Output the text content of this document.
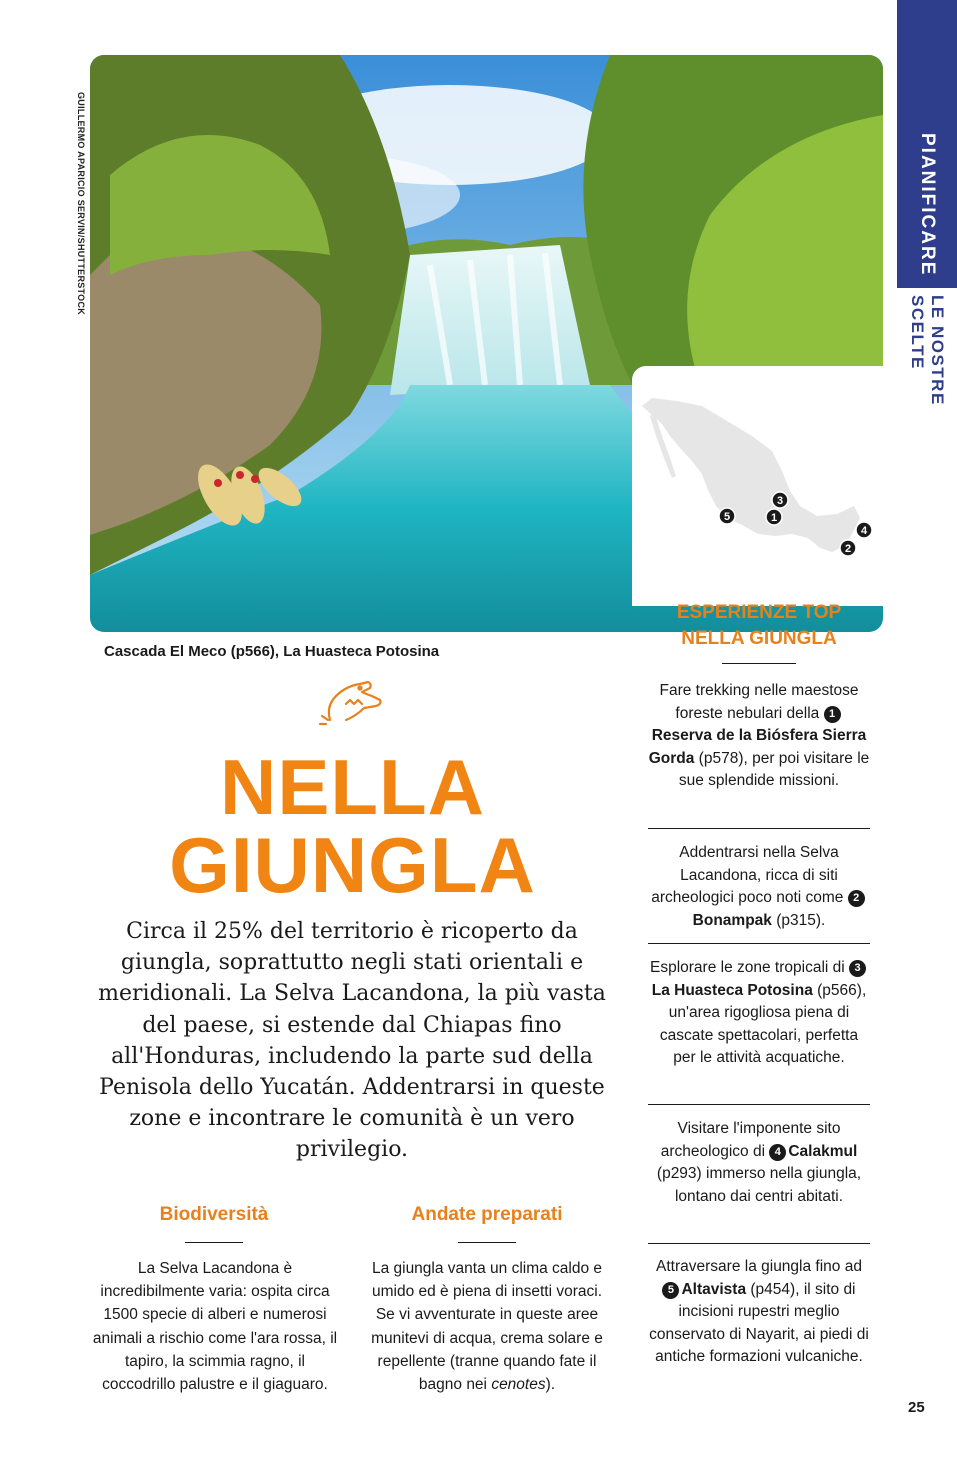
PIANIFICARE
LE NOSTRE SCELTE
GUILLERMO APARICIO SERVIN/SHUTTERSTOCK
Cascada El Meco (p566), La Huasteca Potosina
5	1
3
4
2
ESPERIENZE TOP
NELLA GIUNGLA
Fare trekking nelle maestose foreste nebulari della 1Reserva de la Biósfera Sierra Gorda (p578), per poi visitare le sue splendide missioni.
Addentrarsi nella Selva Lacandona, ricca di siti archeologici poco noti come 2Bonampak (p315).
Esplorare le zone tropicali di 3La Huasteca Potosina (p566), un'area rigogliosa piena di cascate spettacolari, perfetta per le attività acquatiche.
Visitare l'imponente sito archeologico di 4 Calakmul (p293) immerso nella giungla, lontano dai centri abitati.
Attraversare la giungla fino ad 5 Altavista (p454), il sito di incisioni rupestri meglio conservato di Nayarit, ai piedi di antiche formazioni vulcaniche.
NELLA
GIUNGLA
Circa il 25% del territorio è ricoperto da giungla, soprattutto negli stati orientali e meridionali. La Selva Lacandona, la più vasta del paese, si estende dal Chiapas fino all'Honduras, includendo la parte sud della Penisola dello Yucatán. Addentrarsi in queste zone e incontrare le comunità è un vero privilegio.
Biodiversità
La Selva Lacandona è incredibilmente varia: ospita circa 1500 specie di alberi e numerosi animali a rischio come l'ara rossa, il tapiro, la scimmia ragno, il coccodrillo palustre e il giaguaro.
Andate preparati
La giungla vanta un clima caldo e umido ed è piena di insetti voraci. Se vi avventurate in queste aree munitevi di acqua, crema solare e repellente (tranne quando fate il bagno nei cenotes).
25
